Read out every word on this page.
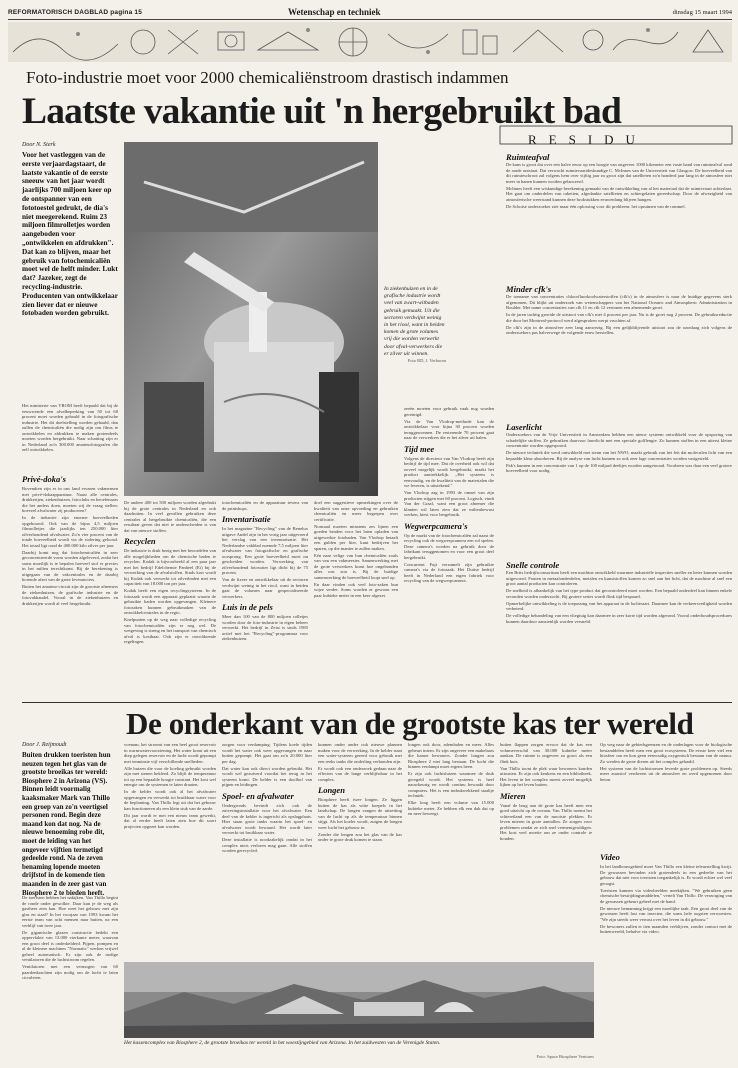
REFORMATORISCH DAGBLAD pagina 15	Wetenschap en techniek	dinsdag 15 maart 1994
Foto-industrie moet voor 2000 chemicaliënstroom drastisch indammen
Laatste vakantie uit 'n hergebruikt bad
Door N. Sterk
Voor het vastleggen van de eerste verjaardagstaart, de laatste vakantie of de eerste sneeuw van het jaar wordt jaarlijks 700 miljoen keer op de ontspanner van een fototoestel gedrukt, de dia's niet meegerekend. Ruim 23 miljoen filmrolletjes worden aangeboden voor „ontwikkelen en afdrukken". Dat kan zo blijven, maar het gebruik van fotochemicaliën moet wel de helft minder. Lukt dat? Jazeker, zegt de recycling-industrie. Producenten van ontwikkelaar zien liever dat er nieuwe fotobaden worden gebruikt.

Het ministerie van VROM heeft bepaald dat bij de eeuwwende een afvalbeperking van 50 tot 60 procent moet worden gehaald in de fotografische industrie. Het dit doelstelling worden gehaald, dan zullen de chemicaliën die nodig zijn om films te ontwikkelen en afdrukken te maken grotendeels moeten worden hergebruikt. Naar schatting zijn er in Nederland zo'n 300.000 amateurfotografen die zelf ontwikkelen.

Privé-doka's

Bovendien zijn er in ons land ervaren vakmensen met privé-dokaapparatuur. Naast alle centrales, drukkerijen, ziekenhuizen, fotoclubs en beoefenaars die het anders doen, moeten wij de vraag stellen: hoeveel afvalwater zij produceren?

In de industrie zijn enorme hoeveelheden opgebouwd. Ook van de bijna 4,5 miljoen filmrolletjes die jaarlijks ten 250.000 liter zilverhoudend afvalwater. Zo'n vier procent van de totale hoeveelheid wordt via de riolering geloosd. Het totaal ligt rond de 400.000 kilo zilver per jaar.

Daarbij komt nog dat fotochemicaliën in zeer geconcentreerde vorm worden afgeleverd, zodat het soms moeilijk is te bepalen hoeveel stof er precies in het milieu terechtkomt. Bij de berekening is uitgegaan van de vakcentrales en de daarbij horende afzet van de grote leveranciers.

Buiten het amateur-circuit zijn de grootste afnemers de ziekenhuizen, de grafische industrie en de fotovakhandel. Vooral in de ziekenhuizen en drukkerijen wordt al veel hergebruikt.

De andere 400 tot 500 miljoen worden afgedrukt bij de grote centrales in Nederland en ook daarbuiten. In veel gevallen gebruiken deze centrales al hergebruikte chemicaliën, die een resultaat geven dat niet te onderscheiden is van dat van nieuwe stoffen.

Recyclen

De industrie is druk bezig met het beoordelen van alle mogelijkheden om de chemische baden te recyclen. Kodak is bijvoorbeeld al een paar jaar met het bedrijf Edelchemie Panheel (Ei) bij de verwerking van de afvalstoffen. Sinds kort wordt bij Kodak ook verwerkt tot zilverbaden met een capaciteit van 18.000 ton per jaar.

Kodak heeft een eigen recyclingsysteem. In de fotozaak wordt een apparaat geplaatst waarin de gebruikte baden worden opgevangen. Kleinere fotozaken kunnen gebruikmaken van de ontwikkelcentrales in de regio.

Knelpunten op de weg naar volledige recycling van fotochemicaliën zijn er nog wel. De wetgeving is streng en het transport van chemisch afval is kostbaar. Ook zijn er onvoldoende regelingen.

In ziekenhuizen en in de grafische industrie wordt veel van zwart-witbaden gebruik gemaakt. Uit die sectoren verdwijnt weinig in het riool, want in beiden komen de grote volumes vrij die worden verwerkt door afval-verwerkers die er zilver uit winnen.
Foto RD, J. Verboom

totochemicaliën en de apparatuur tevens van de printshops.

Inventarisatie

In het magazine "Recycling" van de Benelux uitgave Andel zijn in het vorig jaar uitgevoerd het verslag van een inventarisatie. Het Nederlandse vakblad noemde 7,5 miljoen liter afvalwater van fotografische en grafische oorsprong. Een grote hoeveelheid moet nu gescheiden worden. Verwerking van zilverhoudend fotowater ligt dicht bij de 75 procent.

Van de fixeer en ontwikkelaar uit de sectoren verdwijnt weinig in het riool, want in beiden gaat de volumes naar gespecialiseerde verwerkers.

Luis in de pels

Meer dan 100 van de 800 miljoen rolletjes worden door de foto-industrie in eigen beheer verwerkt. Het bedrijf in Zeist is sinds 1985 actief met het "Recycling"-programma voor ziekenhuizen.

doel een suggestieve opmerkingen over de kwaliteit van onze opvoeding en gebruiken chemicaliën en meer begrepen over certificatie.

Normaal moeten minstens zes lijnen een goeden beaden voor het laten opladen van uitgewerkte fotobaden. Van Vlodrop betaalt een gulden per liter, kunt bedrijven het sparen, op die manier te zullen maken.

Eén naar velige van hun chemicaliën zoals van van een vakmeester. Samenwerking met de grote verwerkers komt hoe ongebonden alles ons zou is. Bij de huidige samenwerking de hoeveelheid loopt snel op.

En daar vinden ook veel foto-zaken hun wijze verder. Soms worden er gewoon een paar kubieke meter in een keer afgezet.

zeeën moeten voor gebruik vaak nog worden gereinigd.

Via de Van Vlodrop-methode kan de ontwikkelaar voor bijna 30 procent worden teruggewonnen. De resterende 70 procent gaat naar de verwerkers die er het zilver uit halen.

Tijd mee

Volgens de directeur van Van Vlodrop heeft zijn bedrijf de tijd mee. Dat de overheid ook wil dat zoveel mogelijk wordt hergebruikt, maakt het product aantrekkelijk. „Het systeem is eenvoudig, en de kwaliteit van de materialen die we leveren, is uitstekend."

Van Vlodrop zag in 1993 de omzet van zijn producten stijgen met 60 procent. Logisch, vindt Van der Graaf, want een groot afnemer die klanten wil laten zien dat ze milieubewust werken, kiest voor hergebruik.

Wegwerpcamera's

Op de markt van de fotochemicaliën zal naast de recycling ook de wegwerpcamera een rol spelen. Deze camera's worden na gebruik door de fabrikant teruggenomen en voor een groot deel hergebruikt.

Concurrent Fuji verzamelt zijn gebruikte camera's via de fotozaak. Het Duitse bedrijf heeft in Nederland een eigen fabriek voor recycling van de wegwerpcamera.

RESIDU
Ruimteafval

De kans is groot dat over een halve eeuw op een hoogte van ongeveer 1000 kilometer een vaste band van ruimteafval rond de aarde ontstaat. Dat verwacht ruimtevaartdeskundige C. McInnes van de Universiteit van Glasgow. De hoeveelheid van dit ruimteschroot zal volgens hem over vijftig jaar zo groot zijn dat satellieten zo'n honderd jaar lang in de atmosfeer niet meer in banen kunnen worden gelanceerd.

McInnes heeft een wiskundige berekening gemaakt van de ontwikkeling van al het materiaal dat de ruimtevaart achterlaat. Het gaat om onderdelen van raketten, afgedankte satellieten en achtergelaten gereedschap. Door de afwezigheid van atmosferische weerstand kunnen deze brokstukken eeuwenlang blijven hangen.

De Schotse onderzoeker ziet maar één oplossing voor dit probleem: het opruimen van de rommel.

Minder cfk's

De toename van concentraties chloorfluorkoolwaterstoffen (cfk's) in de atmosfeer is naar de huidige gegevens sterk afgenomen. Dit blijkt uit onderzoek van wetenschappers van het National Oceanic and Atmospheric Administration in Boulder. Met name concentraties van cfk 11 en cfk 12 vertonen een afnemende groei.

In de jaren tachtig groeide de uitstoot van cfk's met 4 procent per jaar. Nu is de groei nog 2 procent. De gebruiksreductie die door het Montreal-protocol werd afgesproken werpt vruchten af.

De cfk's zijn in de atmosfeer zeer lang aanwezig. Bij een gelijkblijvende uitstoot zou de ozonlaag zich volgens de onderzoekers pas halverwege de volgende eeuw herstellen.

Laserlicht

Onderzoekers van de Vrije Universiteit in Amsterdam hebben een nieuw systeem ontwikkeld voor de opsporing van schadelijke stoffen. Ze gebruiken daarvoor laserlicht met een speciale golflengte. Zo kunnen stoffen in een uiterst kleine concentratie worden opgespoord.

De nieuwe techniek die werd ontwikkeld met steun van het NWO, maakt gebruik van het feit dat moleculen licht van een bepaalde kleur absorberen. Bij de analyse van lucht kunnen zo ook zeer lage concentraties worden vastgesteld.

Pak's kunnen in een concentratie van 1 op de 100 miljard deeltjes worden aangetoond. Voorheen was daar een veel grotere hoeveelheid voor nodig.

Snelle controle

Een Brits bedrijfsconsortium heeft een machine ontwikkeld waarmee industriële inspecties sneller en beter kunnen worden uitgevoerd. Fouten in metaalonderdelen, metalen en kunststoffen komen zo snel aan het licht, dat de machine al snel een groot aantal producten kan controleren.

De snelheid is afhankelijk van het type product dat gecontroleerd moet worden. Een bepaald onderdeel kan binnen enkele seconden worden onderzocht. Bij grotere series wordt flink tijd bespaard.

Opmerkelijke ontwikkeling is de toepassing van het apparaat in de luchtvaart. Daarmee kan de verkeersveiligheid worden verbeterd.

De volledige behandeling van een vliegtuig kan daarmee in zeer korte tijd worden afgerond. Vooral onderhoudsprocedures kunnen daardoor aanzienlijk worden versneld.

De onderkant van de grootste kas ter wereld
Door J. Reijmoudt
Buiten drukken toeristen hun neuzen tegen het glas van de grootste broeikas ter wereld: Biosphere 2 in Arizona (VS). Binnen leidt voormalig kaaksmaker Mark van Thillo een groep van zo'n veertigsel personen rond. Begin deze maand kon dat nog. Na de nieuwe benoeming robe dit, moet de leiding van het ongeveer vijftien termetigd gedeelde rond. Na de zeven benaming lopende moeten drijfstof in de komende tien maanden in de zeer gast van Biosphere 2 te bieden heeft.

De toeristen hebben het nakijken. Van Thillo begint de ronde onder gewolkte. Daar kun je de weg als gastheer zien kan. Hoe weet het gebouw met zijn glas en staal? In het voorjaar van 1993 kwam het eerste team van acht mensen naar buiten, na een verblijf van twee jaar.

De gigantische glazen constructie bedekt een oppervlakte van 13.000 vierkante meter, waarvan een groot deel is onderkelderd. Pijpen, pompen en al de kleinere machines "Normatic" werken vrijwel geheel automatisch. Er zijn ook de nodige ventilatoren die de luchtstroom regelen.

Ventilatoren met een vermogen van 60 paardenkrachten zijn nodig om de lucht te laten circuleren.

voenam, het stroomt van een heel groot reservoir in warmwatervoorziening. Het water komt uit een diep gelegen reservoir en de lucht wordt gepompt met tenminste vijf verschillende snelheden.

Alle buizen die voor de koeling gebruikt worden zijn met stenen bekleed. Zo blijft de temperatuur tot op een bepaalde hoogte constant. Het kost wel energie om de systemen te laten draaien.

In de kelder wordt ook al het afvalwater opgevangen en verwerkt tot bruikbaar water voor de beplanting. Van Thillo legt uit dat het gebouw kan functioneren als een klein stuk van de aarde.

Dit jaar wordt er met een nieuw team gewerkt, dat al eerder heeft laten zien hoe dit soort projecten opgezet kan worden.

zorgen voor verdamping. Tijdens koele tijden wordt het water ook weer opgevangen en naar buiten gepompt. Het gaat om zo'n 20.000 liter per dag.

Dat water kan ook direct worden gebruikt. Het wordt wel gezuiverd voordat het terug in het systeem komt. De kelder is een doolhof van pijpen en leidingen.

Spoel- en afvalwater

Ondergronds bevindt zich ook de zuiveringsinstallatie voor het afvalwater. Een deel van de kelder is ingericht als opslagplaats. Hier staan grote tanks waarin het spoel- en afvalwater wordt bewaard. Het wordt later verwerkt tot bruikbaar water.

Deze installatie is noodzakelijk omdat in het complex niets verloren mag gaan. Alle stoffen worden gerecycled.

kunnen onder ander ook nieuwe plannen maken voor de verwerking. In de kelder staat een water-systeem gereed voor gebruik met een reeks tanks die onderling verbonden zijn.

Er wordt ook een onderzoek gedaan naar de effecten van de lange verblijfsduur in het complex.

Longen

Biosphere heeft twee longen. Ze liggen buiten de kas als witte koepels in het landschap. De longen vangen de uitzetting van de lucht op als de temperatuur binnen stijgt. Als het koeler wordt, zuigen de longen weer lucht het gebouw in.

Zonder die longen zou het glas van de kas onder te grote druk komen te staan.

longen ook door, adembalen en meer. Alles gebeurt intern. Er zijn ongeveer een makelaars die kamer bewoners. Zonder longen zou Biosphere 2 niet lang bestaan. De lucht die binnen verdampt moet ergens heen.

Er zijn ook luchtsluizen waarmee de druk geregeld wordt. Het systeem is heel nauwkeurig en wordt continu bewaakt door computers. Het is een indrukwekkend staaltje techniek.

Elke long heeft een volume van 15.000 kubieke meter. Ze hebben elk een dak dat op en neer beweegt.

buiten flappen zorgen ervoor dat de kas een volumeverschil van 30.000 kubieke meter aankan. De ruimte is ongeveer zo groot als een flink huis.

Van Thillo toont de plek waar bewoners konden uitrusten. Er zijn ook keukens en een bibliotheek. Het leven in het complex moest zoveel mogelijk lijken op het leven buiten.

Mieren

Vanaf de brug aan de grote kas heeft men een goed uitzicht op de oceaan. Van Thillo noemt het schiereiland een van de mooiste plekken. Er leven mieren in grote aantallen. Ze zorgen voor problemen omdat ze zich snel vermenigvuldigen. Het kost veel moeite om ze onder controle te houden.

Op weg naar de gebiedsgrenzen en de onderlagen voor de biologische bestanddelen heeft men een groot ecosysteem. De eerste keer viel een biosfeer om en kon geen eenvoudig oxygenisch bestaan van de natuur. Zo werden de grote dieren uit het complex gehaald.

Het systeem van de luchtstromen leverde grote problemen op. Steeds meer zuurstof verdween uit de atmosfeer en werd opgenomen door beton.

Video

In het landbouwgebied moet Van Thillo een kleine teleurstelling kwijt. De gewassen bevinden zich grotendeels in een gedeelte van het gebouw dat niet voor toeristen toegankelijk is. Er wordt echter wel veel geoogst.

Toeristen kunnen via videobeelden meekijken. "We gebruiken geen chemische bestrijdingsmiddelen," vertelt Van Thillo. De verzorging van de gewassen gebeurt geheel met de hand.

De nieuwe bemanning krijgt een moeilijke taak. Een groot deel van de gewassen heeft last van insecten, die soms hele oogsten verwoesten. "We zijn steeds weer verrast over het leven in dit gebouw."

De bewoners zullen er tien maanden verblijven, zonder contact met de buitenwereld, behalve via video.

Het kassencomplex van Biosphere 2, de grootste broeikas ter wereld in het woestijngebied van Arizona. In het zuidwesten van de Verenigde Staten.
Foto: Space Biosphere Ventures
